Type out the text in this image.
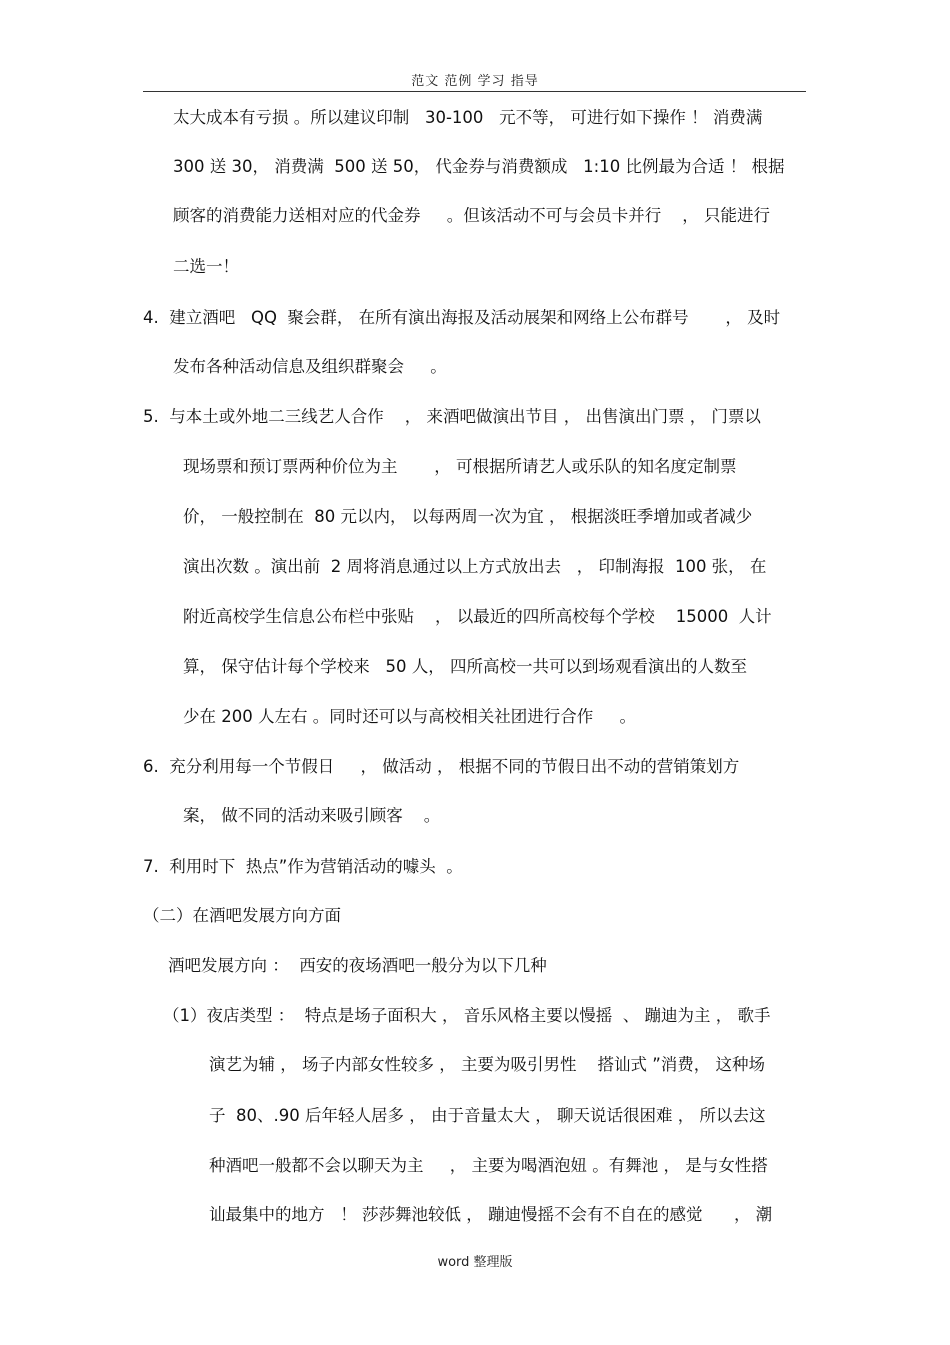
范文 范例 学习 指导
太大成本有亏损 。所以建议印制   30-100   元不等， 可进行如下操作 ！ 消费满
300 送 30， 消费满  500 送 50， 代金券与消费额成   1:10 比例最为合适 ！ 根据
顾客的消费能力送相对应的代金券     。但该活动不可与会员卡并行    ， 只能进行
二选一！
4.  建立酒吧   QQ  聚会群， 在所有演出海报及活动展架和网络上公布群号       ， 及时
发布各种活动信息及组织群聚会     。
5.  与本土或外地二三线艺人合作    ， 来酒吧做演出节目 ， 出售演出门票 ， 门票以
现场票和预订票两种价位为主       ， 可根据所请艺人或乐队的知名度定制票
价， 一般控制在  80 元以内， 以每两周一次为宜 ， 根据淡旺季增加或者减少
演出次数 。演出前  2 周将消息通过以上方式放出去   ， 印制海报  100 张， 在
附近高校学生信息公布栏中张贴    ， 以最近的四所高校每个学校    15000  人计
算， 保守估计每个学校来   50 人， 四所高校一共可以到场观看演出的人数至
少在 200 人左右 。同时还可以与高校相关社团进行合作     。
6.  充分利用每一个节假日     ， 做活动 ， 根据不同的节假日出不动的营销策划方
案， 做不同的活动来吸引顾客    。
7.  利用时下  热点”作为营销活动的噱头  。
（二）在酒吧发展方向方面
酒吧发展方向 ：  西安的夜场酒吧一般分为以下几种
（1）夜店类型 ：  特点是场子面积大 ， 音乐风格主要以慢摇  、 蹦迪为主 ， 歌手
演艺为辅 ， 场子内部女性较多 ， 主要为吸引男性    搭讪式 ”消费， 这种场
子  80、.90 后年轻人居多 ， 由于音量太大 ， 聊天说话很困难 ， 所以去这
种酒吧一般都不会以聊天为主     ， 主要为喝酒泡妞 。有舞池 ， 是与女性搭
讪最集中的地方   ！ 莎莎舞池较低 ， 蹦迪慢摇不会有不自在的感觉      ， 潮
word 整理版
